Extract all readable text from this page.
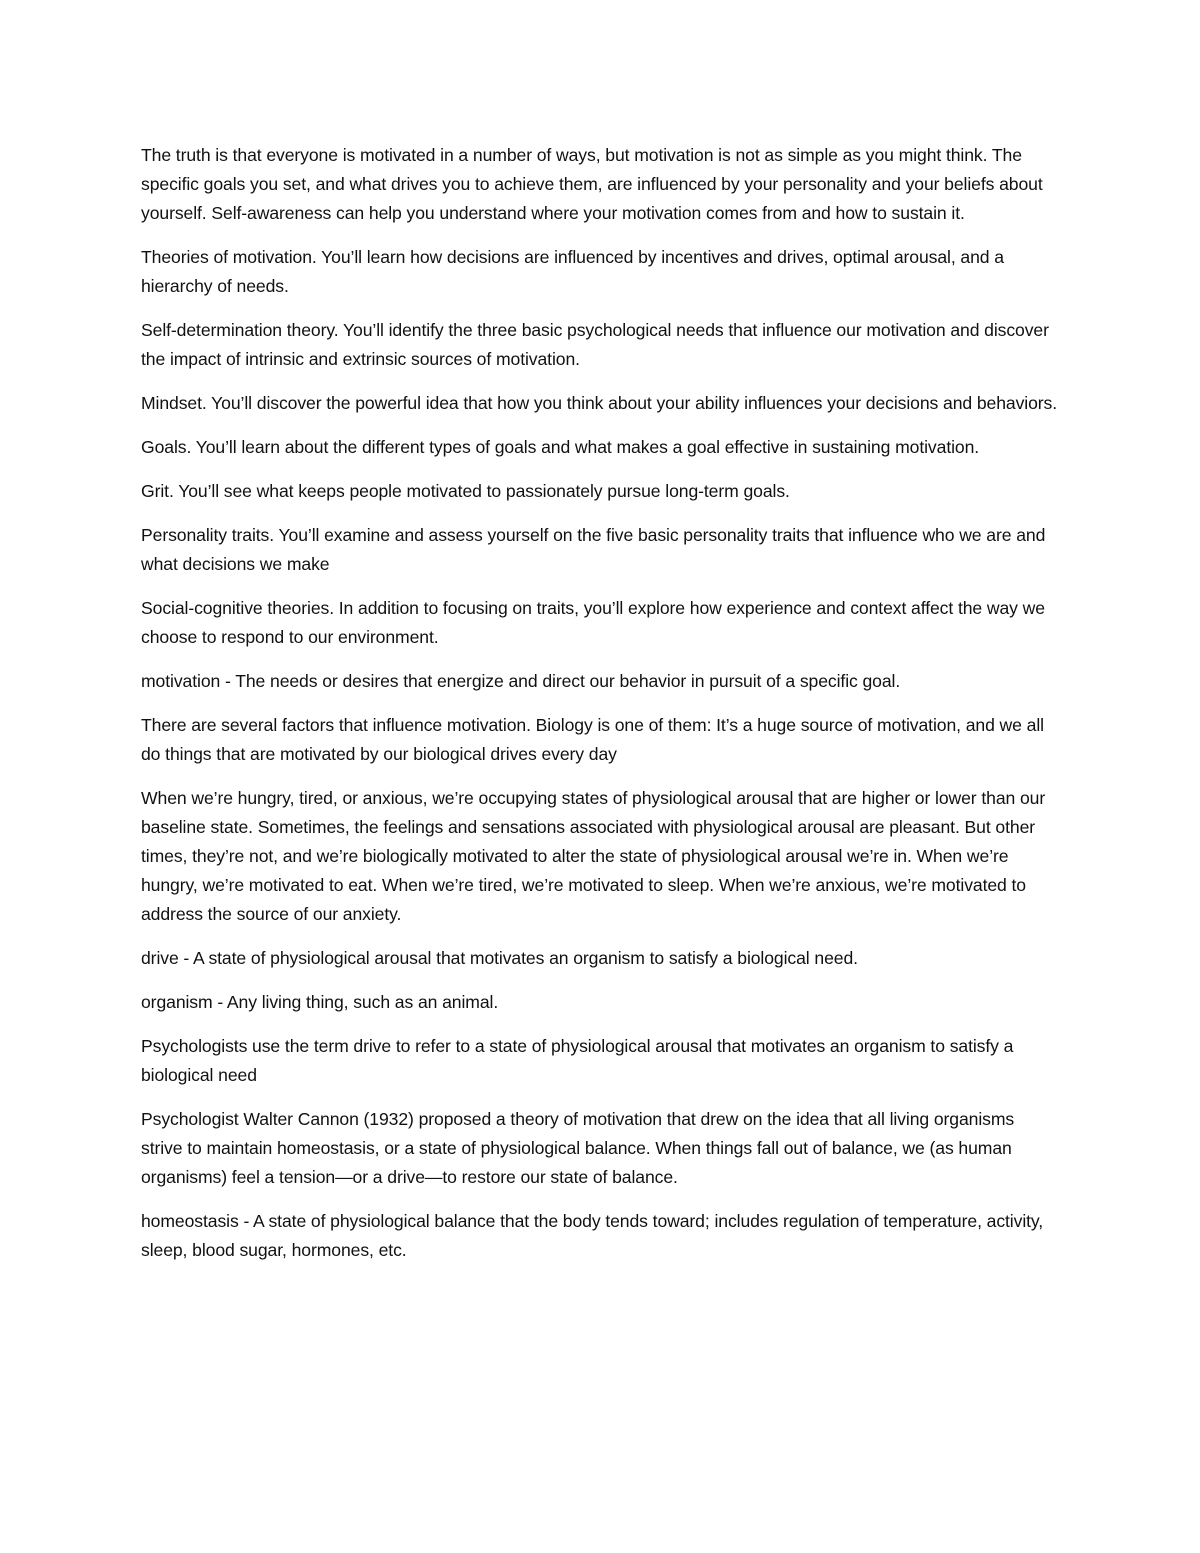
The truth is that everyone is motivated in a number of ways, but motivation is not as simple as you might think. The specific goals you set, and what drives you to achieve them, are influenced by your personality and your beliefs about yourself. Self-awareness can help you understand where your motivation comes from and how to sustain it.

Theories of motivation. You’ll learn how decisions are influenced by incentives and drives, optimal arousal, and a hierarchy of needs.

Self-determination theory. You’ll identify the three basic psychological needs that influence our motivation and discover the impact of intrinsic and extrinsic sources of motivation.

Mindset. You’ll discover the powerful idea that how you think about your ability influences your decisions and behaviors.

Goals. You’ll learn about the different types of goals and what makes a goal effective in sustaining motivation.

Grit. You’ll see what keeps people motivated to passionately pursue long-term goals.

Personality traits. You’ll examine and assess yourself on the five basic personality traits that influence who we are and what decisions we make

Social-cognitive theories. In addition to focusing on traits, you’ll explore how experience and context affect the way we choose to respond to our environment.

motivation - The needs or desires that energize and direct our behavior in pursuit of a specific goal.

There are several factors that influence motivation. Biology is one of them: It’s a huge source of motivation, and we all do things that are motivated by our biological drives every day

When we’re hungry, tired, or anxious, we’re occupying states of physiological arousal that are higher or lower than our baseline state. Sometimes, the feelings and sensations associated with physiological arousal are pleasant. But other times, they’re not, and we’re biologically motivated to alter the state of physiological arousal we’re in. When we’re hungry, we’re motivated to eat. When we’re tired, we’re motivated to sleep. When we’re anxious, we’re motivated to address the source of our anxiety.

drive - A state of physiological arousal that motivates an organism to satisfy a biological need.

organism - Any living thing, such as an animal.

Psychologists use the term drive to refer to a state of physiological arousal that motivates an organism to satisfy a biological need

Psychologist Walter Cannon (1932) proposed a theory of motivation that drew on the idea that all living organisms strive to maintain homeostasis, or a state of physiological balance. When things fall out of balance, we (as human organisms) feel a tension—or a drive—to restore our state of balance.

homeostasis - A state of physiological balance that the body tends toward; includes regulation of temperature, activity, sleep, blood sugar, hormones, etc.
